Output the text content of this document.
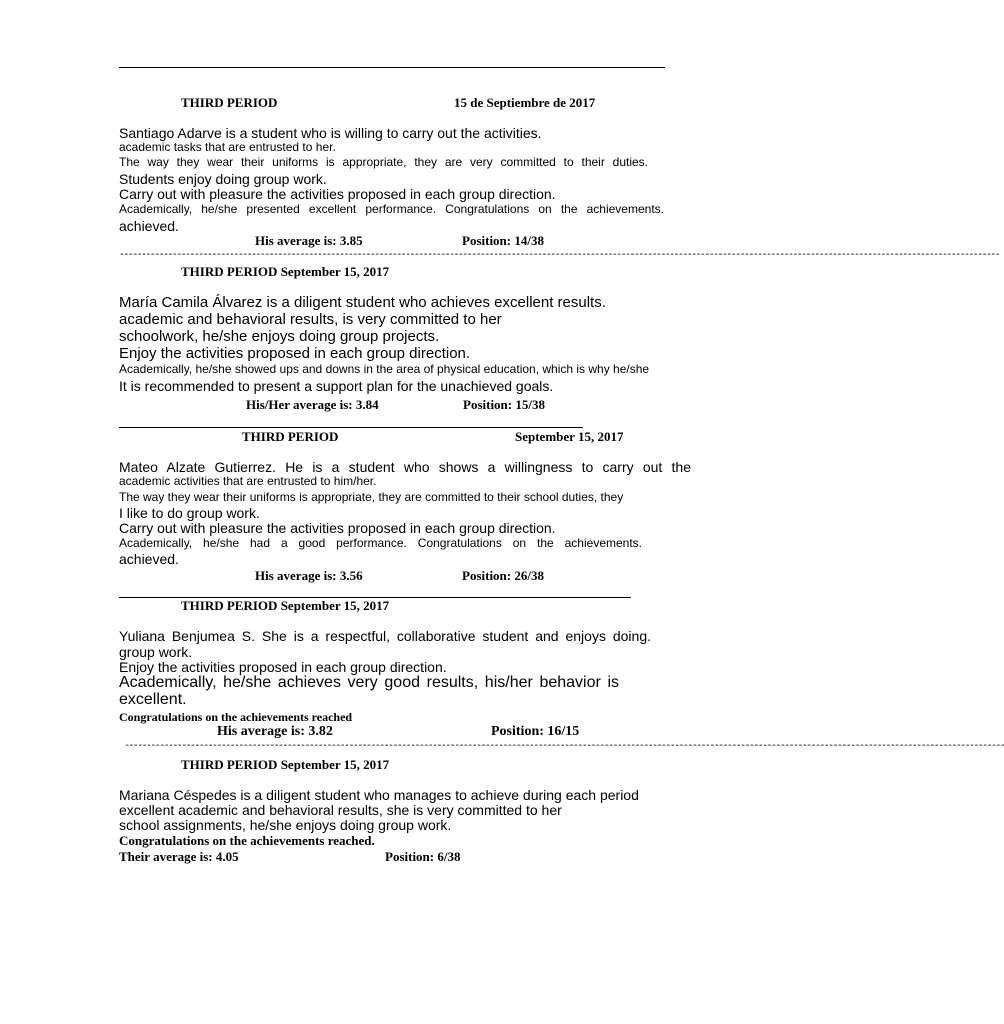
THIRD PERIOD	15 de Septiembre de 2017
Santiago Adarve is a student who is willing to carry out the activities.
academic tasks that are entrusted to her.
The way they wear their uniforms is appropriate, they are very committed to their duties.
Students enjoy doing group work.
Carry out with pleasure the activities proposed in each group direction.
Academically, he/she presented excellent performance. Congratulations on the achievements.
achieved.
His average is: 3.85	Position: 14/38
--------------------------------------------------------------------------------------------------------------------------------------------------------------------------------------------------------
THIRD PERIOD September 15, 2017
María Camila Álvarez is a diligent student who achieves excellent results.
academic and behavioral results, is very committed to her
schoolwork, he/she enjoys doing group projects.
Enjoy the activities proposed in each group direction.
Academically, he/she showed ups and downs in the area of physical education, which is why he/she
It is recommended to present a support plan for the unachieved goals.
His/Her average is: 3.84	Position: 15/38
THIRD PERIOD	September 15, 2017
Mateo Alzate Gutierrez. He is a student who shows a willingness to carry out the
academic activities that are entrusted to him/her.
The way they wear their uniforms is appropriate, they are committed to their school duties, they
I like to do group work.
Carry out with pleasure the activities proposed in each group direction.
Academically, he/she had a good performance. Congratulations on the achievements.
achieved.
His average is: 3.56	Position: 26/38
THIRD PERIOD September 15, 2017
Yuliana Benjumea S. She is a respectful, collaborative student and enjoys doing.
group work.
Enjoy the activities proposed in each group direction.
Academically, he/she achieves very good results, his/her behavior is
excellent.
Congratulations on the achievements reached
His average is: 3.82	Position: 16/15
--------------------------------------------------------------------------------------------------------------------------------------------------------------------------------------------------------
THIRD PERIOD September 15, 2017
Mariana Céspedes is a diligent student who manages to achieve during each period
excellent academic and behavioral results, she is very committed to her
school assignments, he/she enjoys doing group work.
Congratulations on the achievements reached.
Their average is: 4.05	Position: 6/38
